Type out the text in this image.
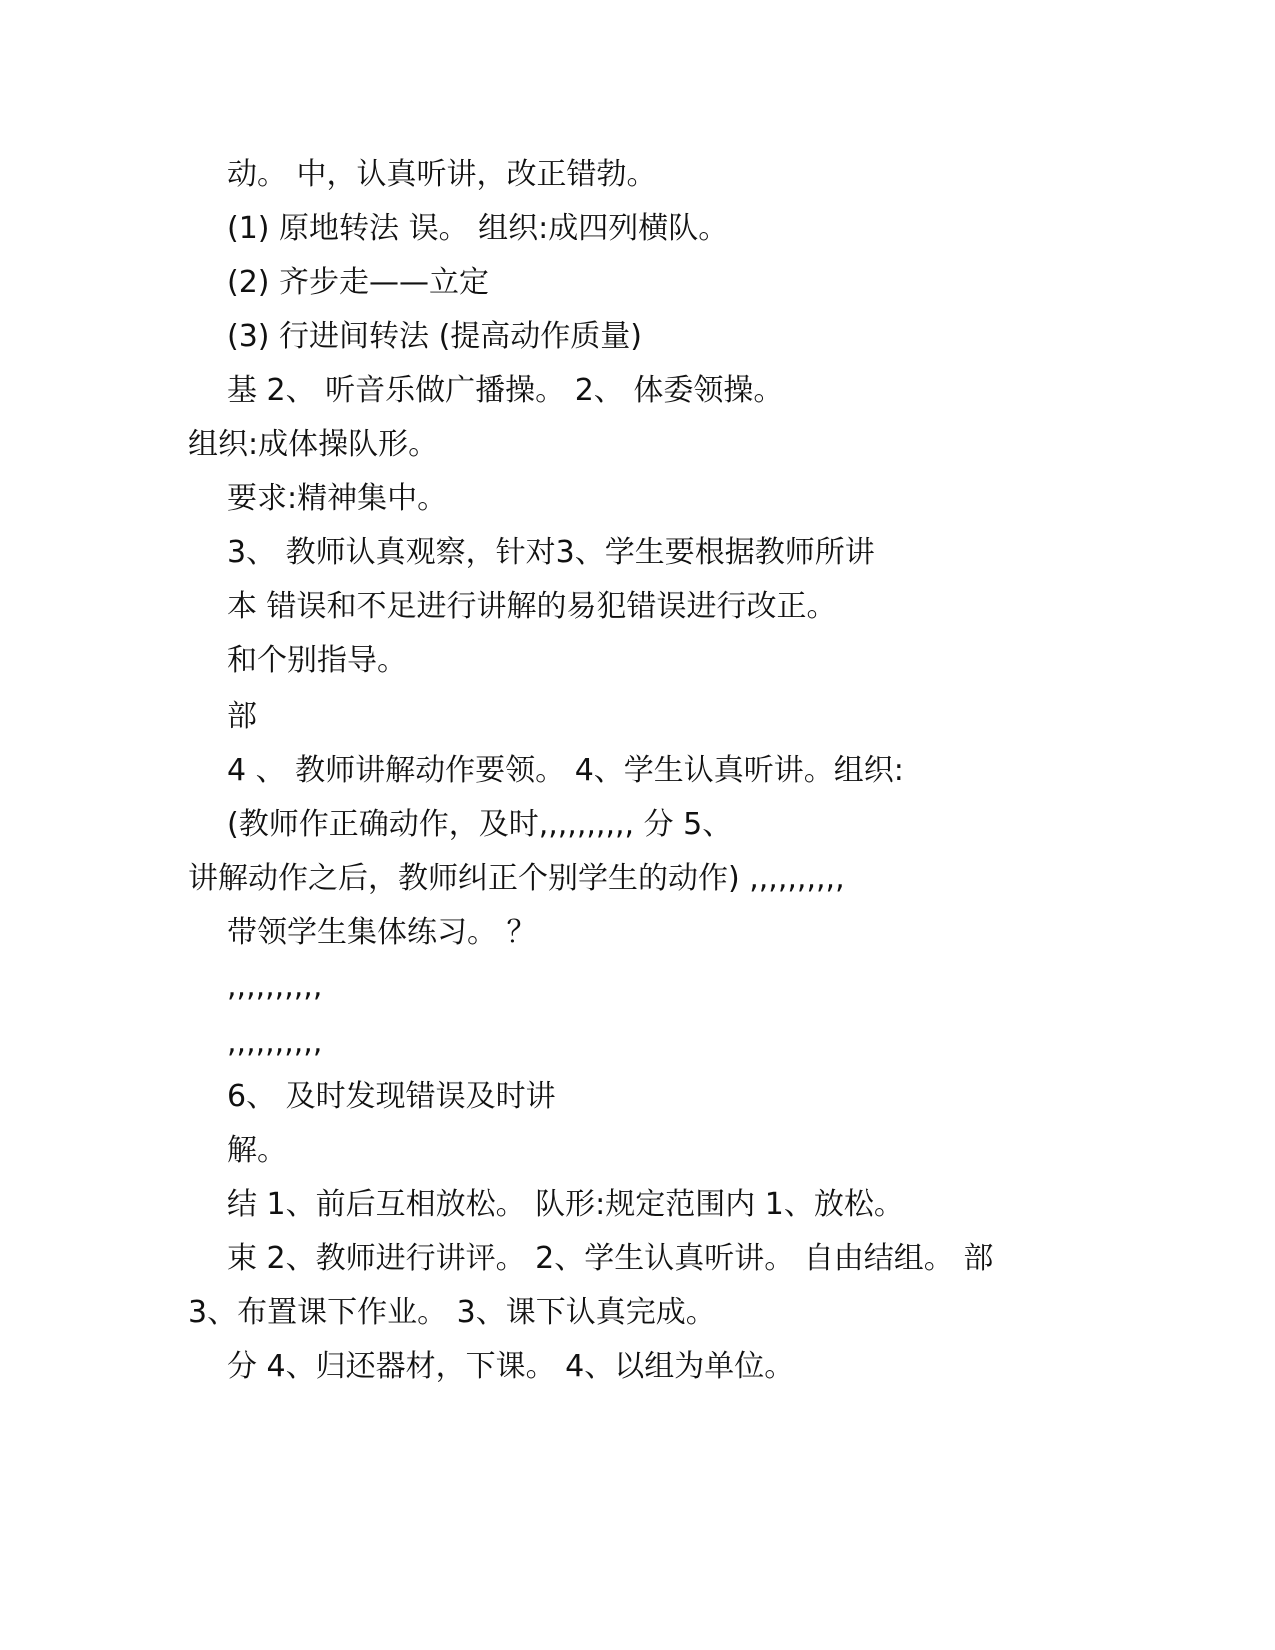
动。 中，认真听讲，改正错勃。
(1) 原地转法 误。 组织:成四列横队。
(2) 齐步走——立定
(3) 行进间转法 (提高动作质量)
基 2、 听音乐做广播操。 2、 体委领操。
组织:成体操队形。
要求:精神集中。
3、 教师认真观察，针对3、学生要根据教师所讲
本 错误和不足进行讲解的易犯错误进行改正。
和个别指导。
部
4 、 教师讲解动作要领。 4、学生认真听讲。组织:
(教师作正确动作，及时,,,,,,,,,, 分 5、
讲解动作之后，教师纠正个别学生的动作) ,,,,,,,,,,
带领学生集体练习。 ？
,,,,,,,,,,
,,,,,,,,,,
6、 及时发现错误及时讲
解。
结 1、前后互相放松。 队形:规定范围内 1、放松。
束 2、教师进行讲评。 2、学生认真听讲。 自由结组。 部
3、布置课下作业。 3、课下认真完成。
分 4、归还器材，下课。 4、以组为单位。
